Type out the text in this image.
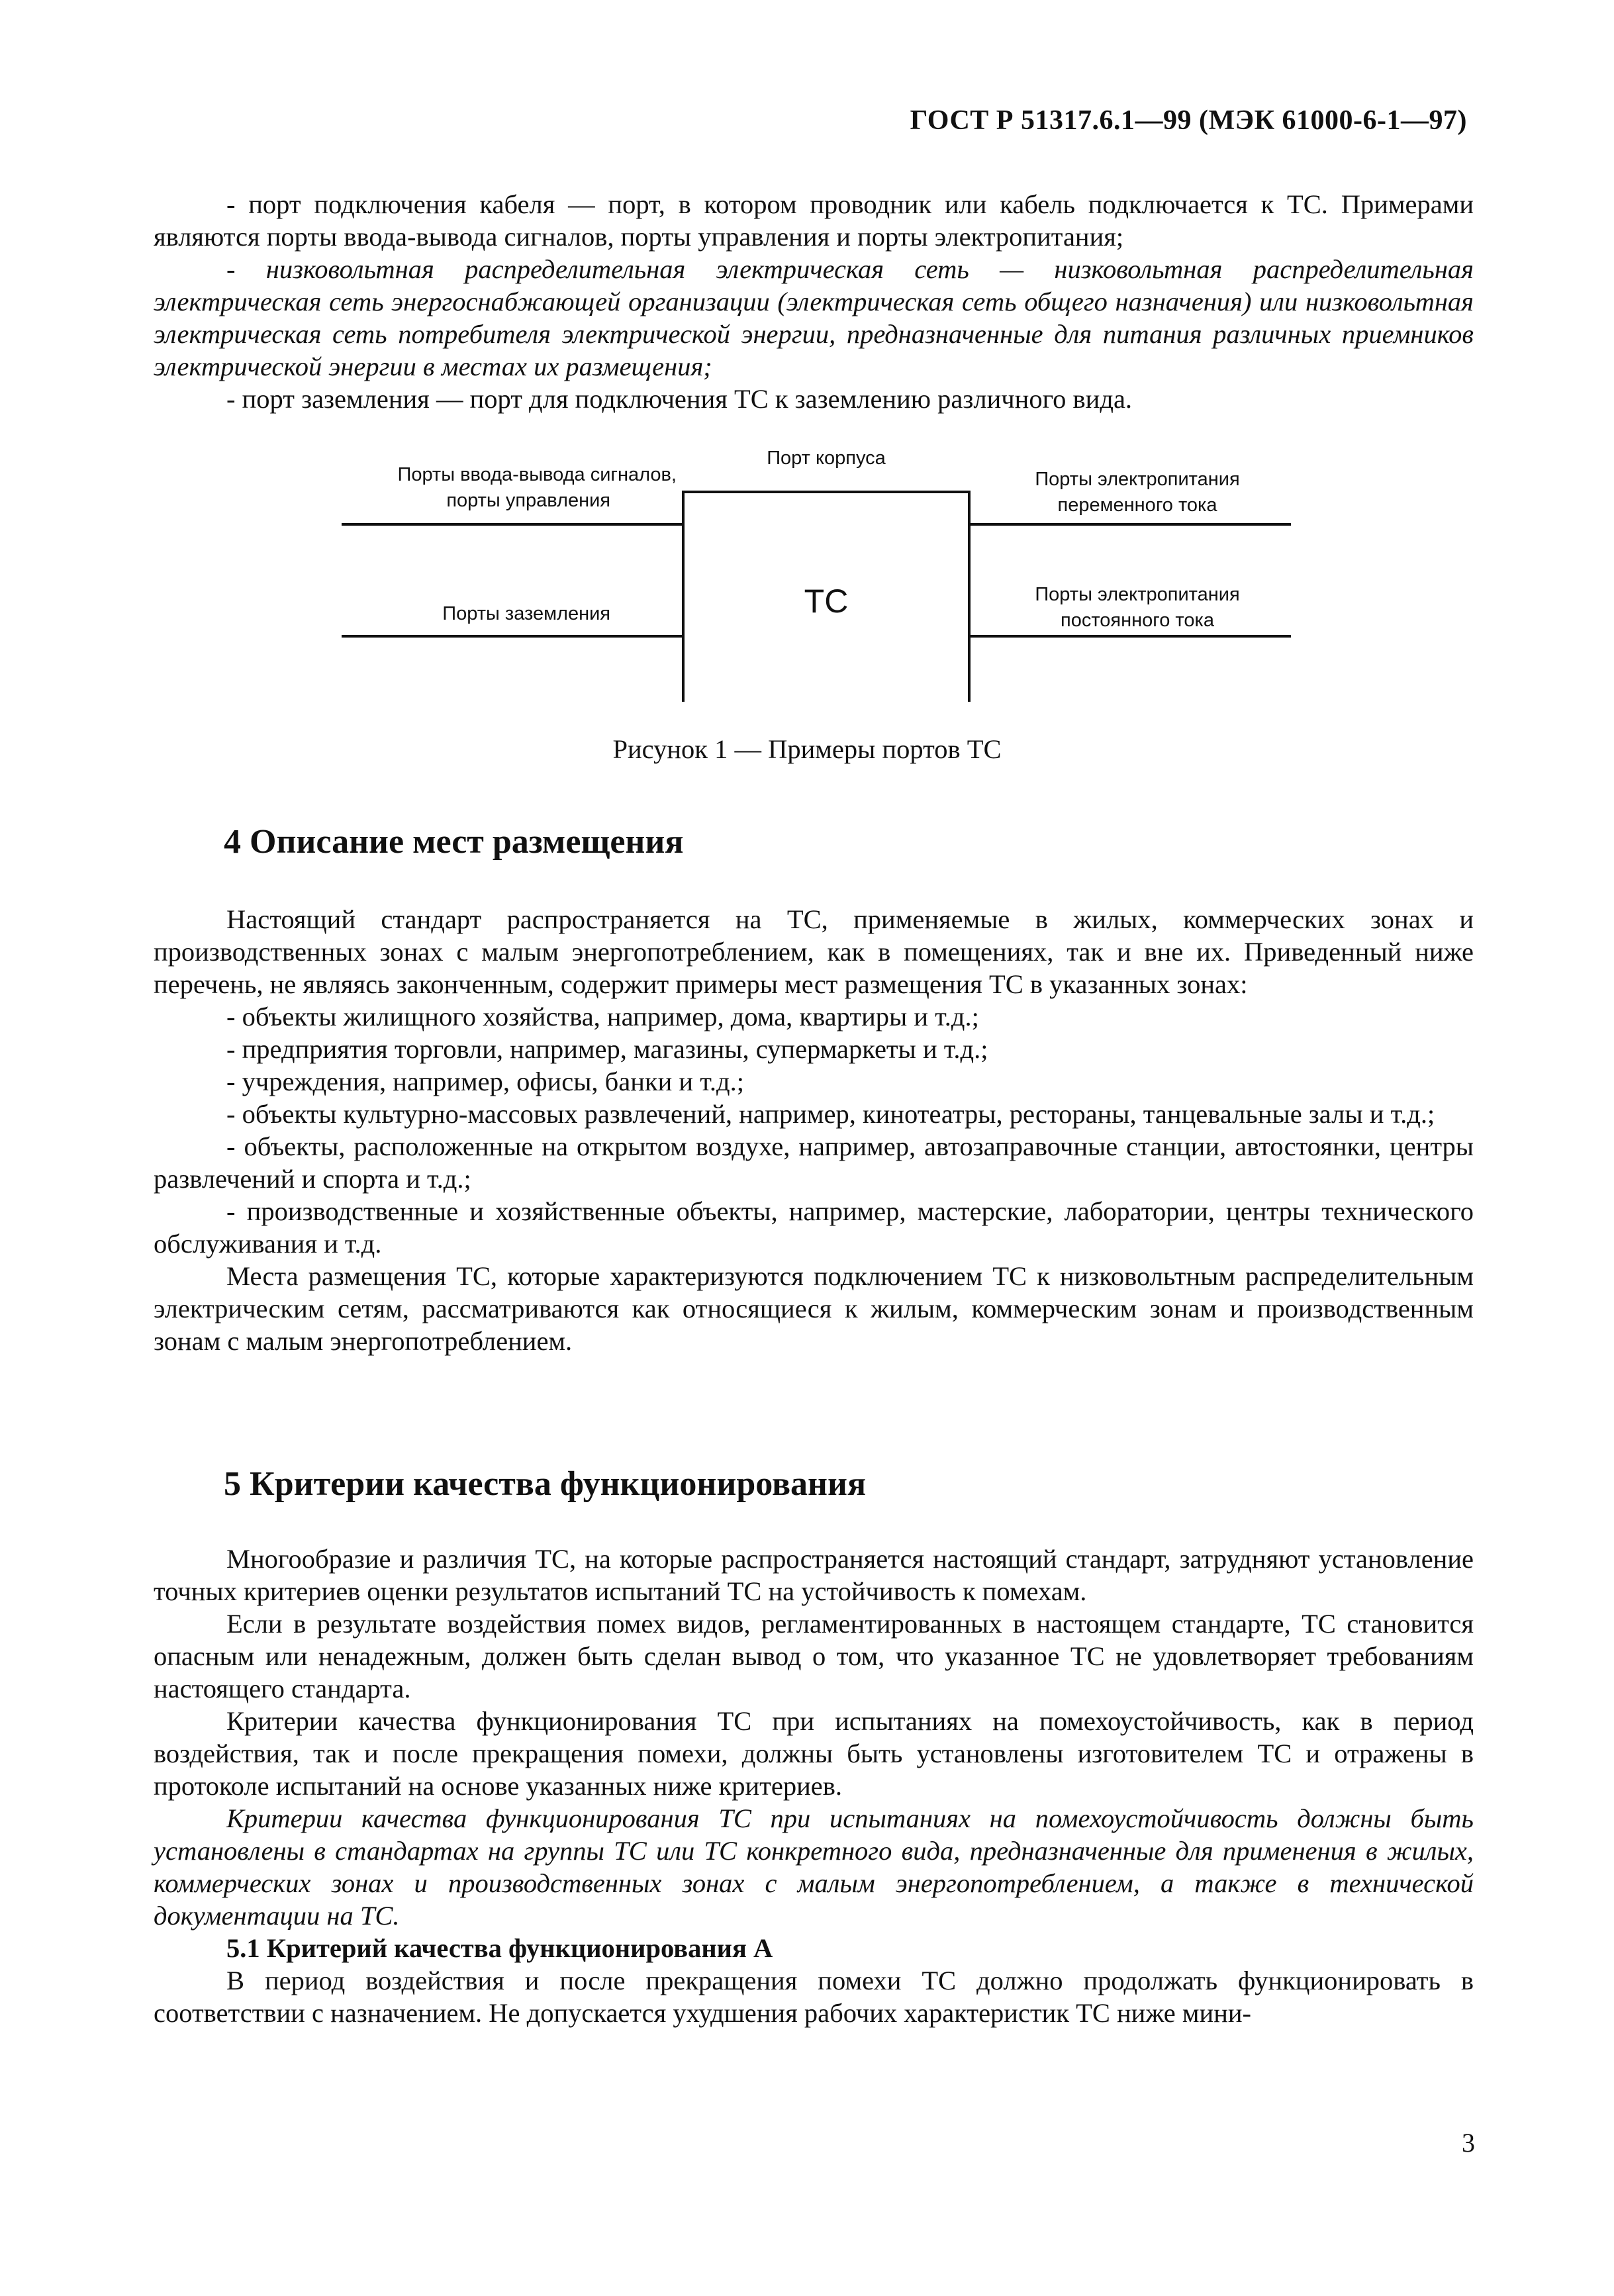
ГОСТ Р 51317.6.1—99 (МЭК 61000-6-1—97)

- порт подключения кабеля — порт, в котором проводник или кабель подключается к ТС. Примерами являются порты ввода-вывода сигналов, порты управления и порты электропитания;

- низковольтная распределительная электрическая сеть — низковольтная распределительная электрическая сеть энергоснабжающей организации (электрическая сеть общего назначения) или низковольтная электрическая сеть потребителя электрической энергии, предназначенные для питания различных приемников электрической энергии в местах их размещения;

- порт заземления — порт для подключения ТС к заземлению различного вида.

ТС
Порт корпуса
Порты ввода-вывода сигналов,
порты управления
Порты заземления
Порты электропитания
переменного тока
Порты электропитания
постоянного тока
Рисунок 1 — Примеры портов ТС
4 Описание мест размещения

Настоящий стандарт распространяется на ТС, применяемые в жилых, коммерческих зонах и производственных зонах с малым энергопотреблением, как в помещениях, так и вне их. Приведенный ниже перечень, не являясь законченным, содержит примеры мест размещения ТС в указанных зонах:

- объекты жилищного хозяйства, например, дома, квартиры и т.д.;

- предприятия торговли, например, магазины, супермаркеты и т.д.;

- учреждения, например, офисы, банки и т.д.;

- объекты культурно-массовых развлечений, например, кинотеатры, рестораны, танцевальные залы и т.д.;

- объекты, расположенные на открытом воздухе, например, автозаправочные станции, автостоянки, центры развлечений и спорта и т.д.;

- производственные и хозяйственные объекты, например, мастерские, лаборатории, центры технического обслуживания и т.д.

Места размещения ТС, которые характеризуются подключением ТС к низковольтным распределительным электрическим сетям, рассматриваются как относящиеся к жилым, коммерческим зонам и производственным зонам с малым энергопотреблением.

5 Критерии качества функционирования

Многообразие и различия ТС, на которые распространяется настоящий стандарт, затрудняют установление точных критериев оценки результатов испытаний ТС на устойчивость к помехам.

Если в результате воздействия помех видов, регламентированных в настоящем стандарте, ТС становится опасным или ненадежным, должен быть сделан вывод о том, что указанное ТС не удовлетворяет требованиям настоящего стандарта.

Критерии качества функционирования ТС при испытаниях на помехоустойчивость, как в период воздействия, так и после прекращения помехи, должны быть установлены изготовителем ТС и отражены в протоколе испытаний на основе указанных ниже критериев.

Критерии качества функционирования ТС при испытаниях на помехоустойчивость должны быть установлены в стандартах на группы ТС или ТС конкретного вида, предназначенные для применения в жилых, коммерческих зонах и производственных зонах с малым энергопотреблением, а также в технической документации на ТС.

5.1 Критерий качества функционирования А

В период воздействия и после прекращения помехи ТС должно продолжать функционировать в соответствии с назначением. Не допускается ухудшения рабочих характеристик ТС ниже мини-

3
